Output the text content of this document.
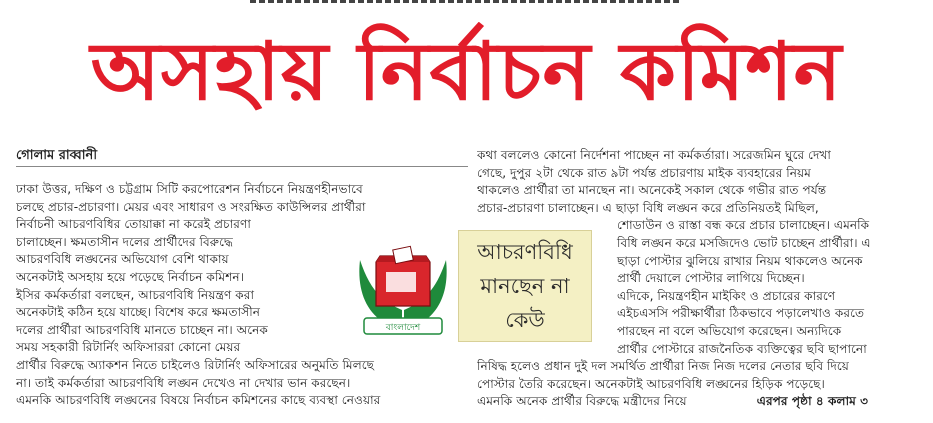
অসহায় নির্বাচন কমিশন
গোলাম রাব্বানী

ঢাকা উত্তর, দক্ষিণ ও চট্টগ্রাম সিটি করপোরেশন নির্বাচনে নিয়ন্ত্রণহীনভাবে

চলছে প্রচার-প্রচারণা। মেয়র এবং সাধারণ ও সংরক্ষিত কাউন্সিলর প্রার্থীরা

নির্বাচনী আচরণবিধির তোয়াক্কা না করেই প্রচারণা

চালাচ্ছেন। ক্ষমতাসীন দলের প্রার্থীদের বিরুদ্ধে

আচরণবিধি লঙ্ঘনের অভিযোগ বেশি থাকায়

অনেকটাই অসহায় হয়ে পড়েছে নির্বাচন কমিশন।

ইসির কর্মকর্তারা বলছেন, আচরণবিধি নিয়ন্ত্রণ করা

অনেকটাই কঠিন হয়ে যাচ্ছে। বিশেষ করে ক্ষমতাসীন

দলের প্রার্থীরা আচরণবিধি মানতে চাচ্ছেন না। অনেক

সময় সহকারী রিটার্নিং অফিসাররা কোনো মেয়র

প্রার্থীর বিরুদ্ধে অ্যাকশন নিতে চাইলেও রিটার্নিং অফিসারের অনুমতি মিলছে

না। তাই কর্মকর্তারা আচরণবিধি লঙ্ঘন দেখেও না দেখার ভান করছেন।

এমনকি আচরণবিধি লঙ্ঘনের বিষয়ে নির্বাচন কমিশনের কাছে ব্যবস্থা নেওয়ার

কথা বললেও কোনো নির্দেশনা পাচ্ছেন না কর্মকর্তারা। সরেজমিন ঘুরে দেখা

গেছে, দুপুর ২টা থেকে রাত ৯টা পর্যন্ত প্রচারণায় মাইক ব্যবহারের নিয়ম

থাকলেও প্রার্থীরা তা মানছেন না। অনেকেই সকাল থেকে গভীর রাত পর্যন্ত

প্রচার-প্রচারণা চালাচ্ছেন। এ ছাড়া বিধি লঙ্ঘন করে প্রতিনিয়তই মিছিল,

শোডাউন ও রাস্তা বন্ধ করে প্রচার চালাচ্ছেন। এমনকি

বিধি লঙ্ঘন করে মসজিদেও ভোট চাচ্ছেন প্রার্থীরা। এ

ছাড়া পোস্টার ঝুলিয়ে রাখার নিয়ম থাকলেও অনেক

প্রার্থী দেয়ালে পোস্টার লাগিয়ে দিচ্ছেন।

এদিকে, নিয়ন্ত্রণহীন মাইকিং ও প্রচারের কারণে

এইচএসসি পরীক্ষার্থীরা ঠিকভাবে পড়ালেখাও করতে

পারছেন না বলে অভিযোগ করেছেন। অন্যদিকে

প্রার্থীর পোস্টারে রাজনৈতিক ব্যক্তিত্বের ছবি ছাপানো

নিষিদ্ধ হলেও প্রধান দুই দল সমর্থিত প্রার্থীরা নিজ নিজ দলের নেতার ছবি দিয়ে

পোস্টার তৈরি করেছেন। অনেকটাই আচরণবিধি লঙ্ঘনের হিড়িক পড়েছে।

এমনকি অনেক প্রার্থীর বিরুদ্ধে মন্ত্রীদের নিয়ে	এরপর পৃষ্ঠা ৪ কলাম ৩

বাংলাদেশ
আচরণবিধি
মানছেন না
কেউ
